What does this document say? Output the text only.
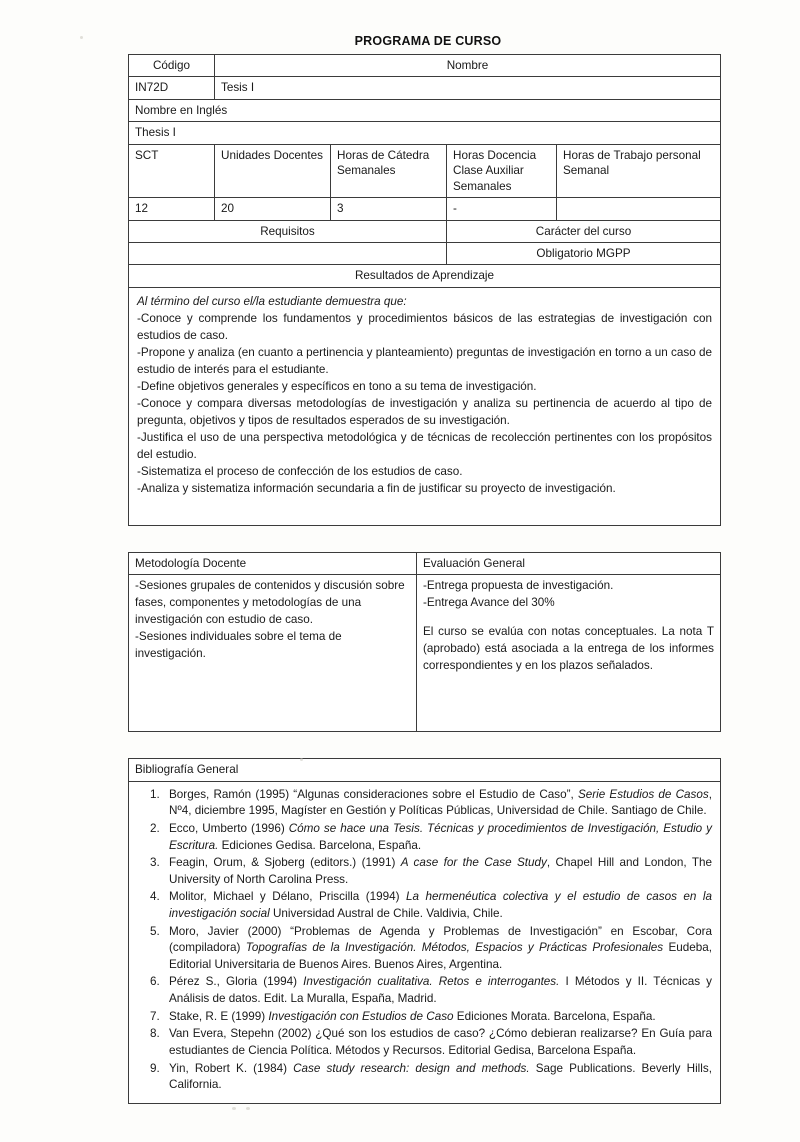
PROGRAMA DE CURSO
Código	Nombre			
IN72D	Tesis I			
Nombre en Inglés				
Thesis I				
SCT	Unidades Docentes	Horas de Cátedra Semanales	Horas Docencia Clase Auxiliar Semanales	Horas de Trabajo personal Semanal
12	20	3	-	
Requisitos			Carácter del curso	
			Obligatorio MGPP	
Resultados de Aprendizaje				

Al término del curso el/la estudiante demuestra que:

-Conoce y comprende los fundamentos y procedimientos básicos de las estrategias de investigación con estudios de caso.

-Propone y analiza (en cuanto a pertinencia y planteamiento) preguntas de investigación en torno a un caso de estudio de interés para el estudiante.

-Define objetivos generales y específicos en tono a su tema de investigación.

-Conoce y compara diversas metodologías de investigación y analiza su pertinencia de acuerdo al tipo de pregunta, objetivos y tipos de resultados esperados de su investigación.

-Justifica el uso de una perspectiva metodológica y de técnicas de recolección pertinentes con los propósitos del estudio.

-Sistematiza el proceso de confección de los estudios de caso.

-Analiza y sistematiza información secundaria a fin de justificar su proyecto de investigación.

Metodología Docente	Evaluación General

-Sesiones grupales de contenidos y discusión sobre fases, componentes y metodologías de una investigación con estudio de caso.

-Sesiones individuales sobre el tema de investigación.

-Entrega propuesta de investigación.

-Entrega Avance del 30%

El curso se evalúa con notas conceptuales. La nota T (aprobado) está asociada a la entrega de los informes correspondientes y en los plazos señalados.

Bibliografía General

1. Borges, Ramón (1995) “Algunas consideraciones sobre el Estudio de Caso”, Serie Estudios de Casos, Nº4, diciembre 1995, Magíster en Gestión y Políticas Públicas, Universidad de Chile. Santiago de Chile.
2. Ecco, Umberto (1996) Cómo se hace una Tesis. Técnicas y procedimientos de Investigación, Estudio y Escritura. Ediciones Gedisa. Barcelona, España.
3. Feagin, Orum, & Sjoberg (editors.) (1991) A case for the Case Study, Chapel Hill and London, The University of North Carolina Press.
4. Molitor, Michael y Délano, Priscilla (1994) La hermenéutica colectiva y el estudio de casos en la investigación social Universidad Austral de Chile. Valdivia, Chile.
5. Moro, Javier (2000) “Problemas de Agenda y Problemas de Investigación” en Escobar, Cora (compiladora) Topografías de la Investigación. Métodos, Espacios y Prácticas Profesionales Eudeba, Editorial Universitaria de Buenos Aires. Buenos Aires, Argentina.
6. Pérez S., Gloria (1994) Investigación cualitativa. Retos e interrogantes. I Métodos y II. Técnicas y Análisis de datos. Edit. La Muralla, España, Madrid.
7. Stake, R. E (1999) Investigación con Estudios de Caso Ediciones Morata. Barcelona, España.
8. Van Evera, Stepehn (2002) ¿Qué son los estudios de caso? ¿Cómo debieran realizarse? En Guía para estudiantes de Ciencia Política. Métodos y Recursos. Editorial Gedisa, Barcelona España.
9. Yin, Robert K. (1984) Case study research: design and methods. Sage Publications. Beverly Hills, California.
